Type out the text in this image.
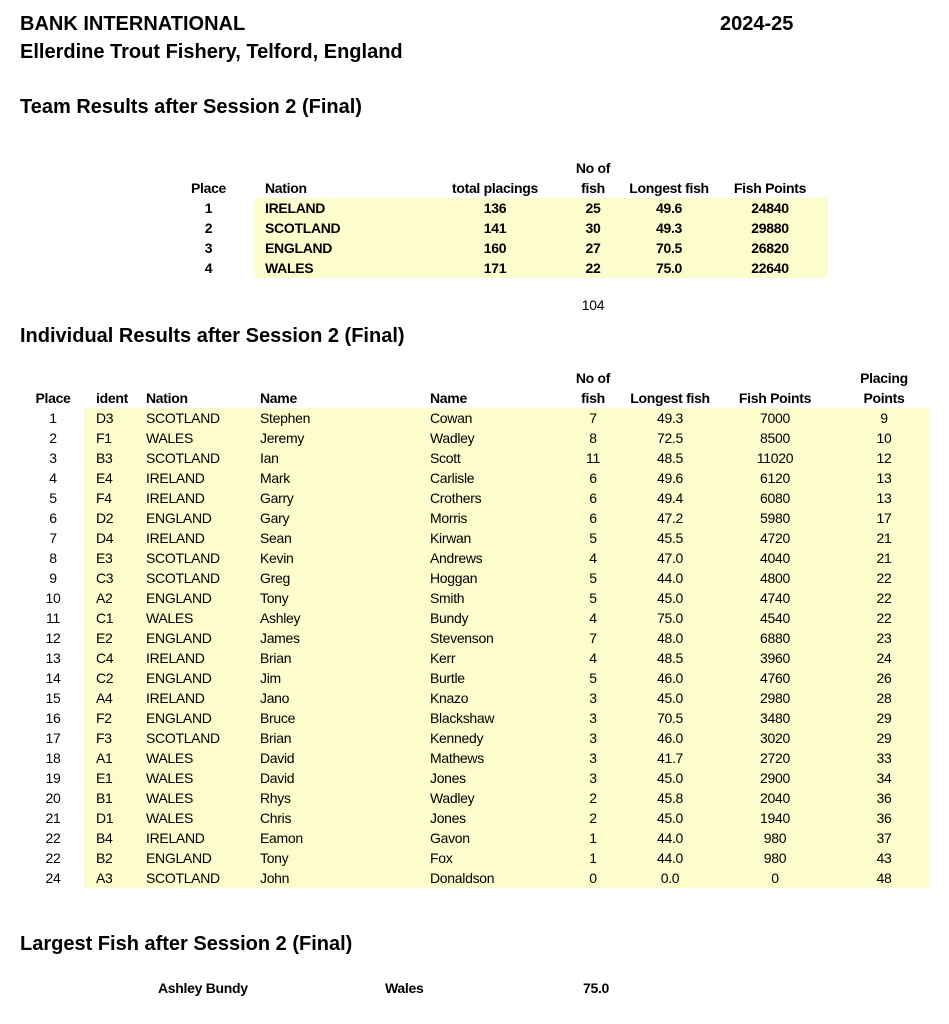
BANK INTERNATIONAL	2024-25
Ellerdine Trout Fishery, Telford, England
Team Results after Session 2 (Final)
			No of		
Place	Nation	total placings	fish	Longest fish	Fish Points
1	IRELAND	136	25	49.6	24840
2	SCOTLAND	141	30	49.3	29880
3	ENGLAND	160	27	70.5	26820
4	WALES	171	22	75.0	22640
104
Individual Results after Session 2 (Final)
					No of			Placing
Place	ident	Nation	Name	Name	fish	Longest fish	Fish Points	Points
1	D3	SCOTLAND	Stephen	Cowan	7	49.3	7000	9
2	F1	WALES	Jeremy	Wadley	8	72.5	8500	10
3	B3	SCOTLAND	Ian	Scott	11	48.5	11020	12
4	E4	IRELAND	Mark	Carlisle	6	49.6	6120	13
5	F4	IRELAND	Garry	Crothers	6	49.4	6080	13
6	D2	ENGLAND	Gary	Morris	6	47.2	5980	17
7	D4	IRELAND	Sean	Kirwan	5	45.5	4720	21
8	E3	SCOTLAND	Kevin	Andrews	4	47.0	4040	21
9	C3	SCOTLAND	Greg	Hoggan	5	44.0	4800	22
10	A2	ENGLAND	Tony	Smith	5	45.0	4740	22
11	C1	WALES	Ashley	Bundy	4	75.0	4540	22
12	E2	ENGLAND	James	Stevenson	7	48.0	6880	23
13	C4	IRELAND	Brian	Kerr	4	48.5	3960	24
14	C2	ENGLAND	Jim	Burtle	5	46.0	4760	26
15	A4	IRELAND	Jano	Knazo	3	45.0	2980	28
16	F2	ENGLAND	Bruce	Blackshaw	3	70.5	3480	29
17	F3	SCOTLAND	Brian	Kennedy	3	46.0	3020	29
18	A1	WALES	David	Mathews	3	41.7	2720	33
19	E1	WALES	David	Jones	3	45.0	2900	34
20	B1	WALES	Rhys	Wadley	2	45.8	2040	36
21	D1	WALES	Chris	Jones	2	45.0	1940	36
22	B4	IRELAND	Eamon	Gavon	1	44.0	980	37
22	B2	ENGLAND	Tony	Fox	1	44.0	980	43
24	A3	SCOTLAND	John	Donaldson	0	0.0	0	48
Largest Fish after Session 2 (Final)
Ashley Bundy	Wales	75.0
